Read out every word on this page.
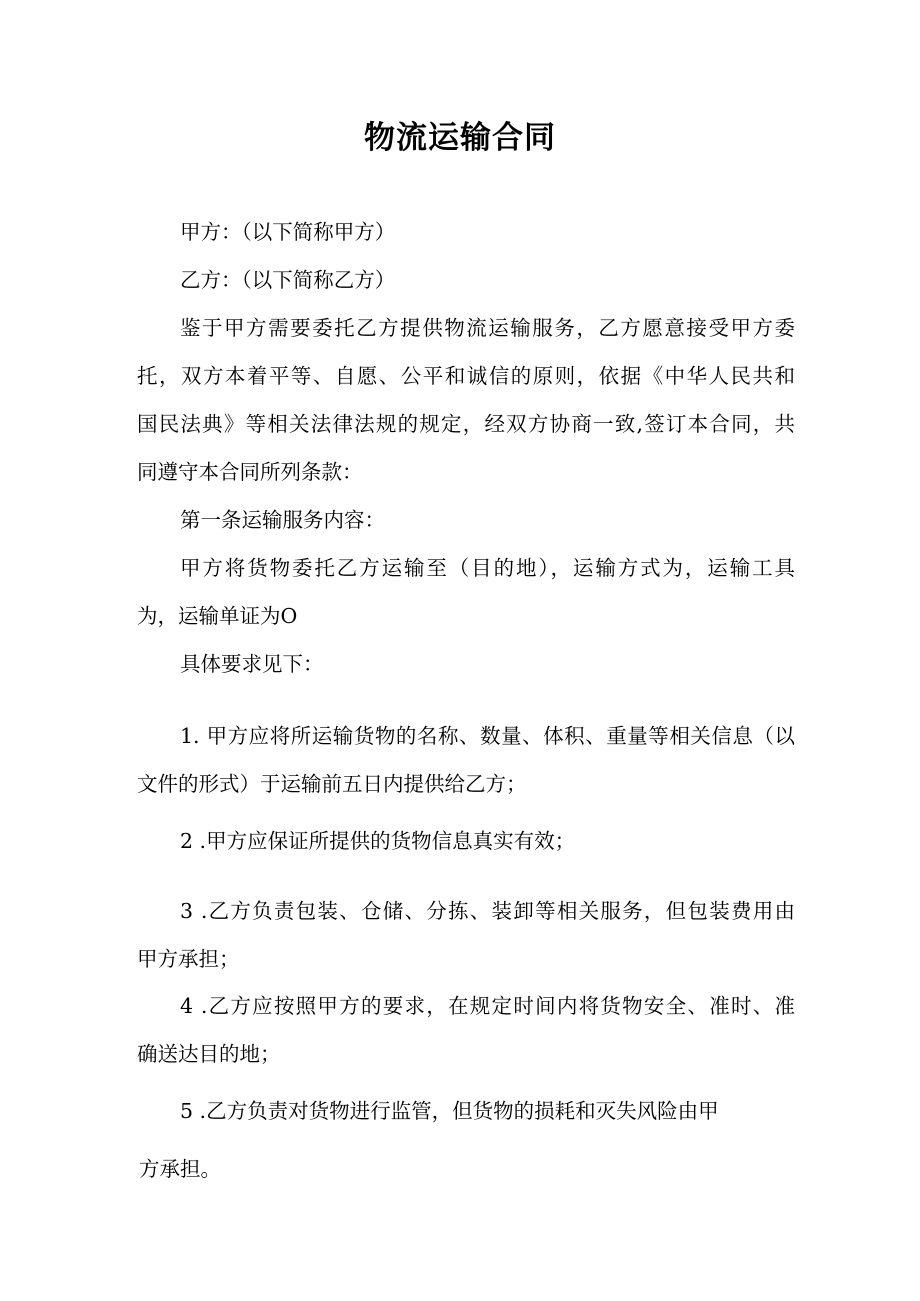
物流运输合同
甲方：（以下简称甲方）
乙方：（以下简称乙方）
鉴于甲方需要委托乙方提供物流运输服务，乙方愿意接受甲方委
托，双方本着平等、自愿、公平和诚信的原则，依据《中华人民共和
国民法典》等相关法律法规的规定，经双方协商一致,签订本合同，共
同遵守本合同所列条款：
第一条运输服务内容：
甲方将货物委托乙方运输至（目的地），运输方式为，运输工具
为，运输单证为O
具体要求见下：
1. 甲方应将所运输货物的名称、数量、体积、重量等相关信息（以
文件的形式）于运输前五日内提供给乙方；
2 .甲方应保证所提供的货物信息真实有效；
3 .乙方负责包装、仓储、分拣、装卸等相关服务，但包装费用由
甲方承担；
4 .乙方应按照甲方的要求，在规定时间内将货物安全、准时、准
确送达目的地；
5 .乙方负责对货物进行监管，但货物的损耗和灭失风险由甲
方承担。
